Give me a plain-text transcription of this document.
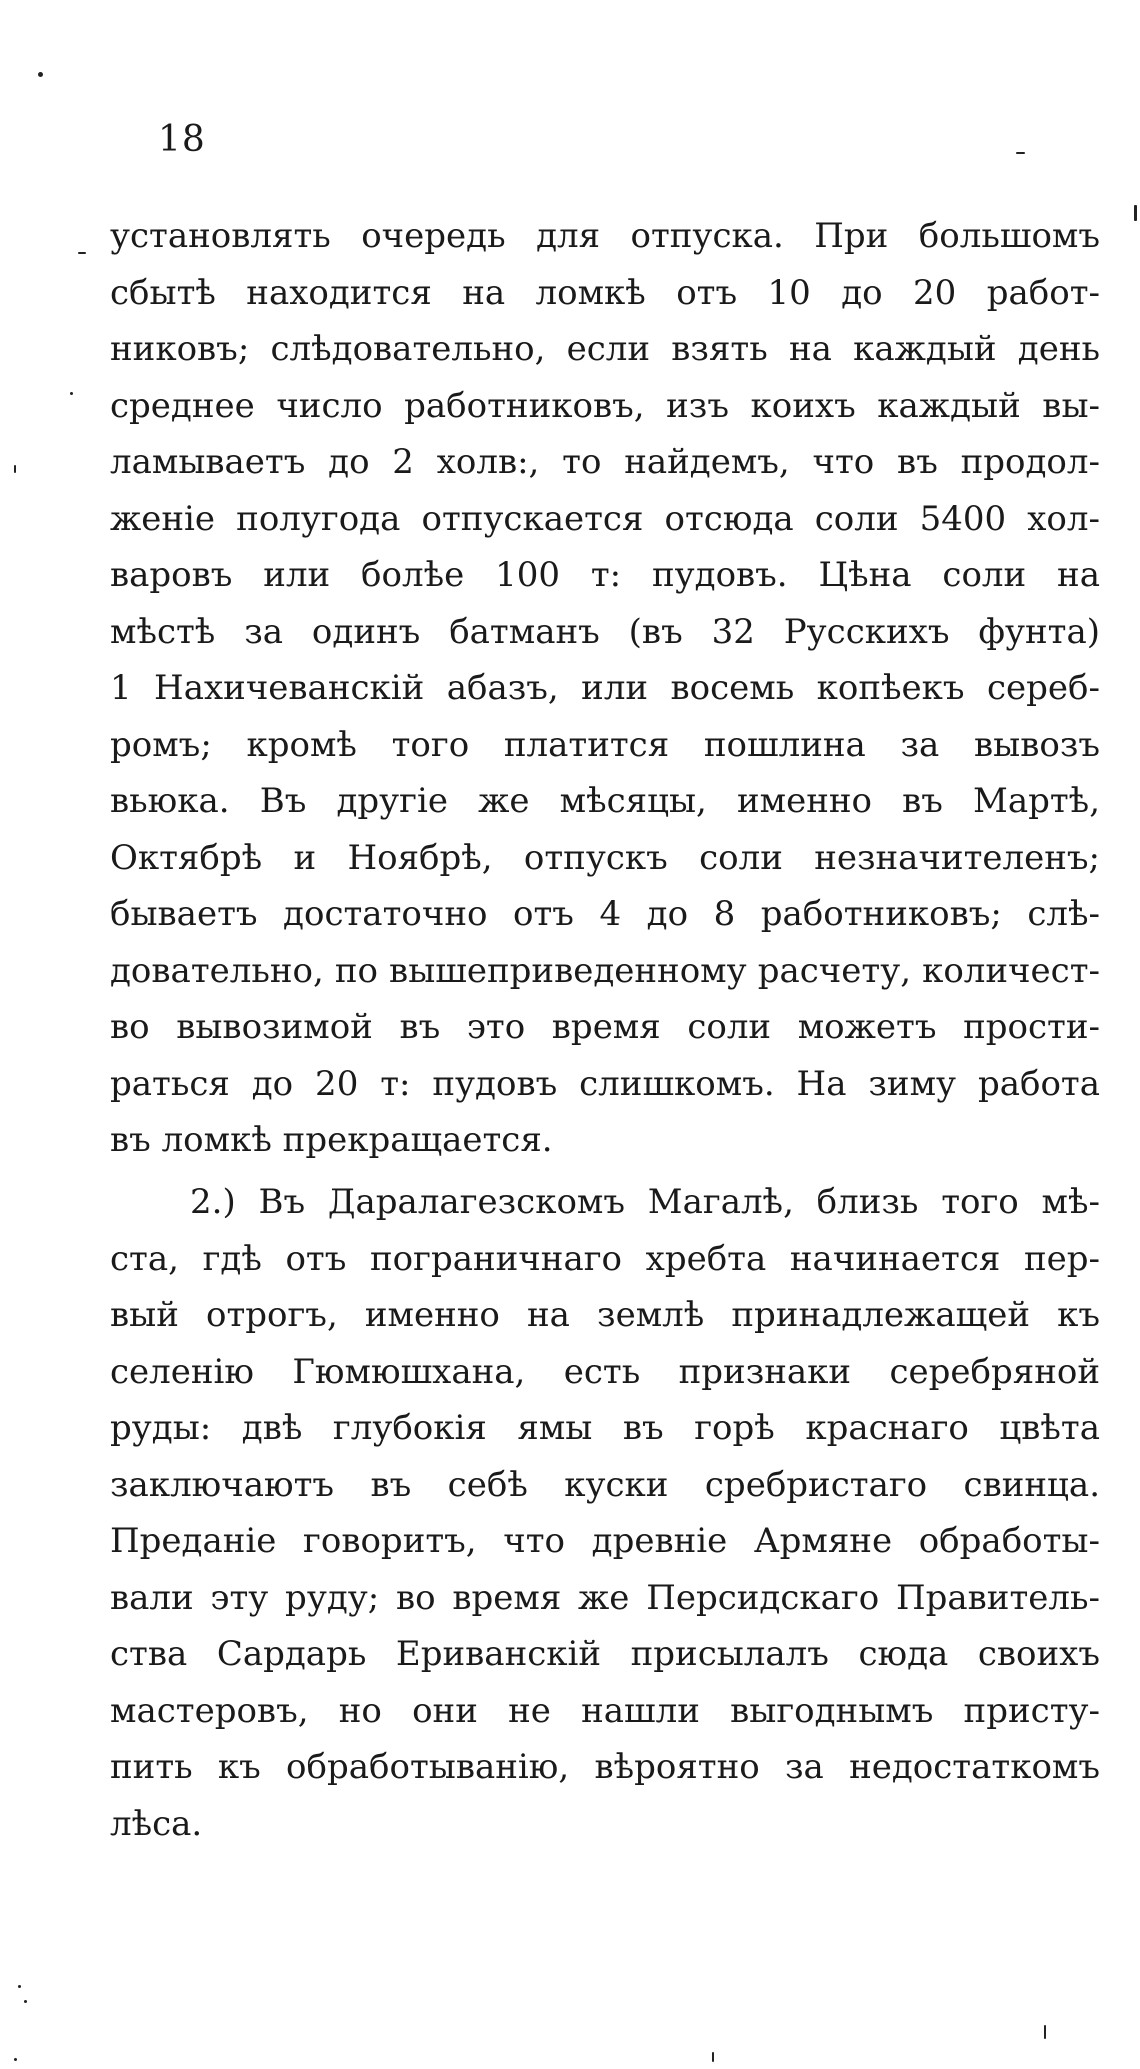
18
установлять очередь для отпуска. При большомъ
сбытѣ находится на ломкѣ отъ 10 до 20 работ-
никовъ; слѣдовательно, если взять на каждый день
среднее число работниковъ, изъ коихъ каждый вы-
ламываетъ до 2 холв:, то найдемъ, что въ продол-
женіе полугода отпускается отсюда соли 5400 хол-
варовъ или болѣе 100 т: пудовъ. Цѣна соли на
мѣстѣ за одинъ батманъ (въ 32 Русскихъ фунта)
1 Нахичеванскій абазъ, или восемь копѣекъ сереб-
ромъ; кромѣ того платится пошлина за вывозъ
вьюка. Въ другіе же мѣсяцы, именно въ Мартѣ,
Октябрѣ и Ноябрѣ, отпускъ соли незначителенъ;
бываетъ достаточно отъ 4 до 8 работниковъ; слѣ-
довательно, по вышеприведенному расчету, количест-
во вывозимой въ это время соли можетъ прости-
раться до 20 т: пудовъ слишкомъ. На зиму работа
въ ломкѣ прекращается.
2.) Въ Даралагезскомъ Магалѣ, близь того мѣ-
ста, гдѣ отъ пограничнаго хребта начинается пер-
вый отрогъ, именно на землѣ принадлежащей къ
селенію Гюмюшхана, есть признаки серебряной
руды: двѣ глубокія ямы въ горѣ краснаго цвѣта
заключаютъ въ себѣ куски сребристаго свинца.
Преданіе говоритъ, что древніе Армяне обработы-
вали эту руду; во время же Персидскаго Правитель-
ства Сардарь Ериванскій присылалъ сюда своихъ
мастеровъ, но они не нашли выгоднымъ присту-
пить къ обработыванію, вѣроятно за недостаткомъ
лѣса.
